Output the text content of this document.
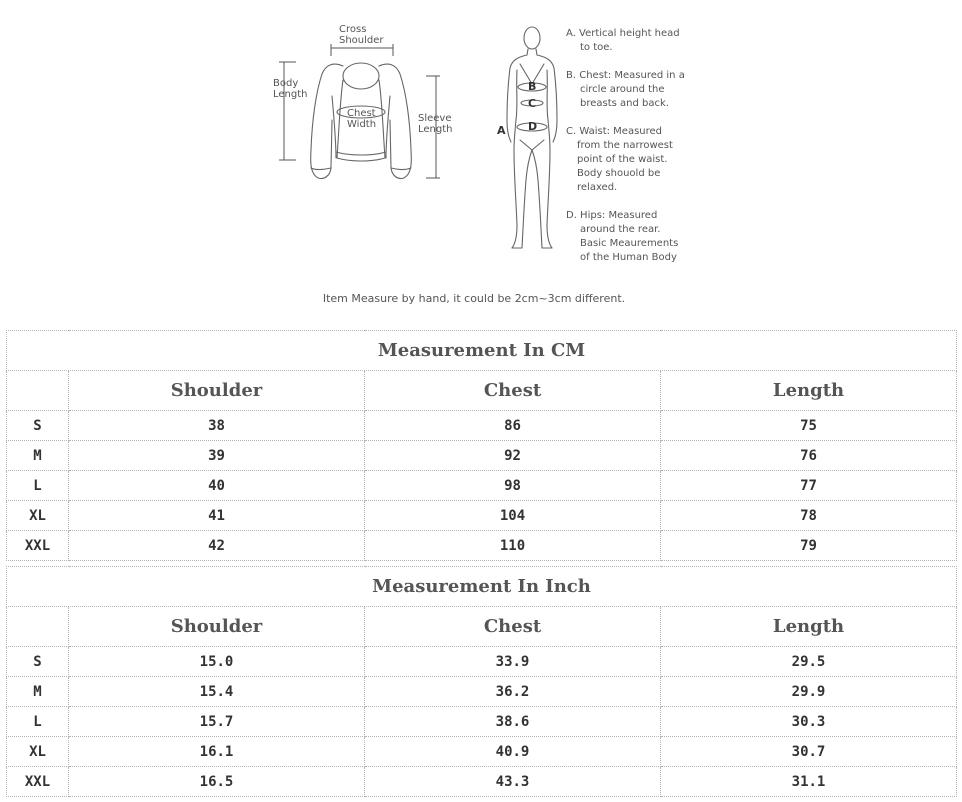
Cross
Shoulder
Body
Length
Chest
Width
Sleeve
Length	A
B
C
D
A. Vertical height head
to toe.
B. Chest: Measured in a
circle around the
breasts and back.
C. Waist: Measured
from the narrowest
point of the waist.
Body shouold be
relaxed.
D. Hips: Measured
around the rear.
Basic Meaurements
of the Human Body
Item Measure by hand, it could be 2cm~3cm different.
Measurement In CM			
	Shoulder	Chest	Length
S	38	86	75
M	39	92	76
L	40	98	77
XL	41	104	78
XXL	42	110	79
Measurement In Inch			
	Shoulder	Chest	Length
S	15.0	33.9	29.5
M	15.4	36.2	29.9
L	15.7	38.6	30.3
XL	16.1	40.9	30.7
XXL	16.5	43.3	31.1
